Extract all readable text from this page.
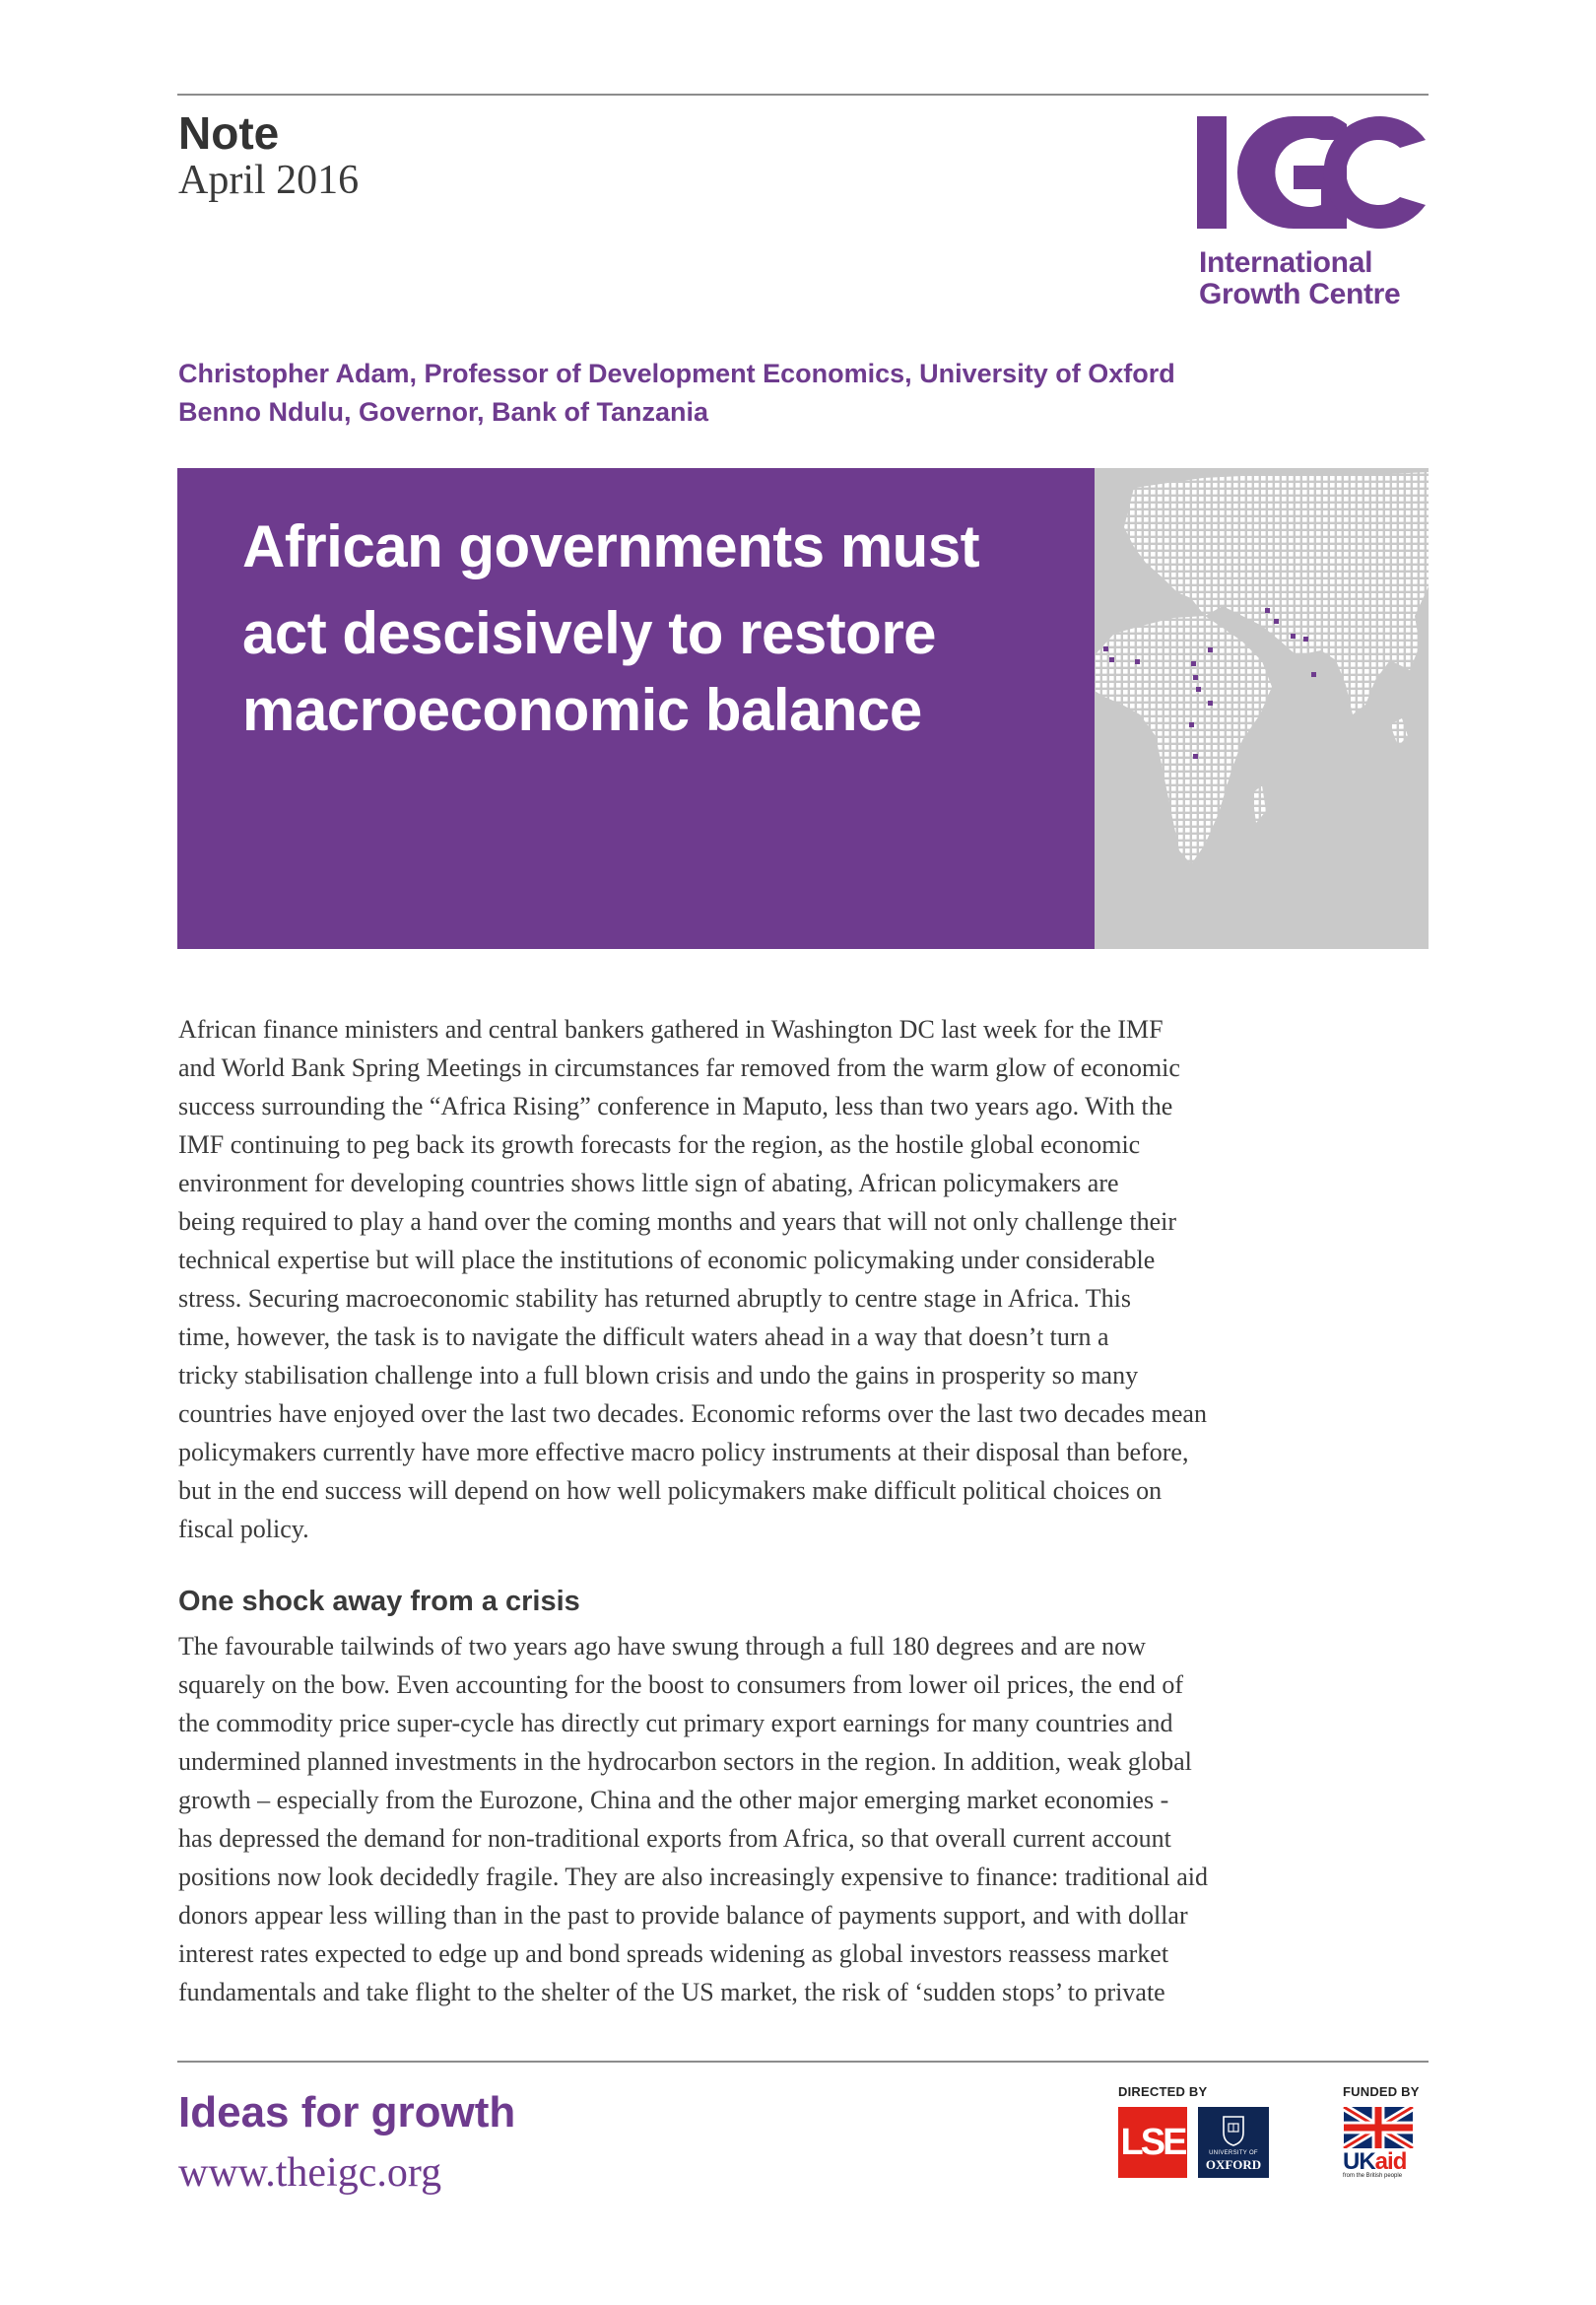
Note
April 2016
International
Growth Centre
Christopher Adam, Professor of Development Economics, University of Oxford
Benno Ndulu, Governor, Bank of Tanzania
African governments must
act descisively to restore
macroeconomic balance
African finance ministers and central bankers gathered in Washington DC last week for the IMF
and World Bank Spring Meetings in circumstances far removed from the warm glow of economic
success surrounding the “Africa Rising” conference in Maputo, less than two years ago. With the
IMF continuing to peg back its growth forecasts for the region, as the hostile global economic
environment for developing countries shows little sign of abating, African policymakers are
being required to play a hand over the coming months and years that will not only challenge their
technical expertise but will place the institutions of economic policymaking under considerable
stress. Securing macroeconomic stability has returned abruptly to centre stage in Africa. This
time, however, the task is to navigate the difficult waters ahead in a way that doesn’t turn a
tricky stabilisation challenge into a full blown crisis and undo the gains in prosperity so many
countries have enjoyed over the last two decades. Economic reforms over the last two decades mean
policymakers currently have more effective macro policy instruments at their disposal than before,
but in the end success will depend on how well policymakers make difficult political choices on
fiscal policy.
One shock away from a crisis
The favourable tailwinds of two years ago have swung through a full 180 degrees and are now
squarely on the bow. Even accounting for the boost to consumers from lower oil prices, the end of
the commodity price super-cycle has directly cut primary export earnings for many countries and
undermined planned investments in the hydrocarbon sectors in the region. In addition, weak global
growth – especially from the Eurozone, China and the other major emerging market economies -
has depressed the demand for non-traditional exports from Africa, so that overall current account
positions now look decidedly fragile. They are also increasingly expensive to finance: traditional aid
donors appear less willing than in the past to provide balance of payments support, and with dollar
interest rates expected to edge up and bond spreads widening as global investors reassess market
fundamentals and take flight to the shelter of the US market, the risk of ‘sudden stops’ to private
Ideas for growth
www.theigc.org
DIRECTED BY	FUNDED BY
LSE	UNIVERSITY OF
OXFORD	UKaid
from the British people
